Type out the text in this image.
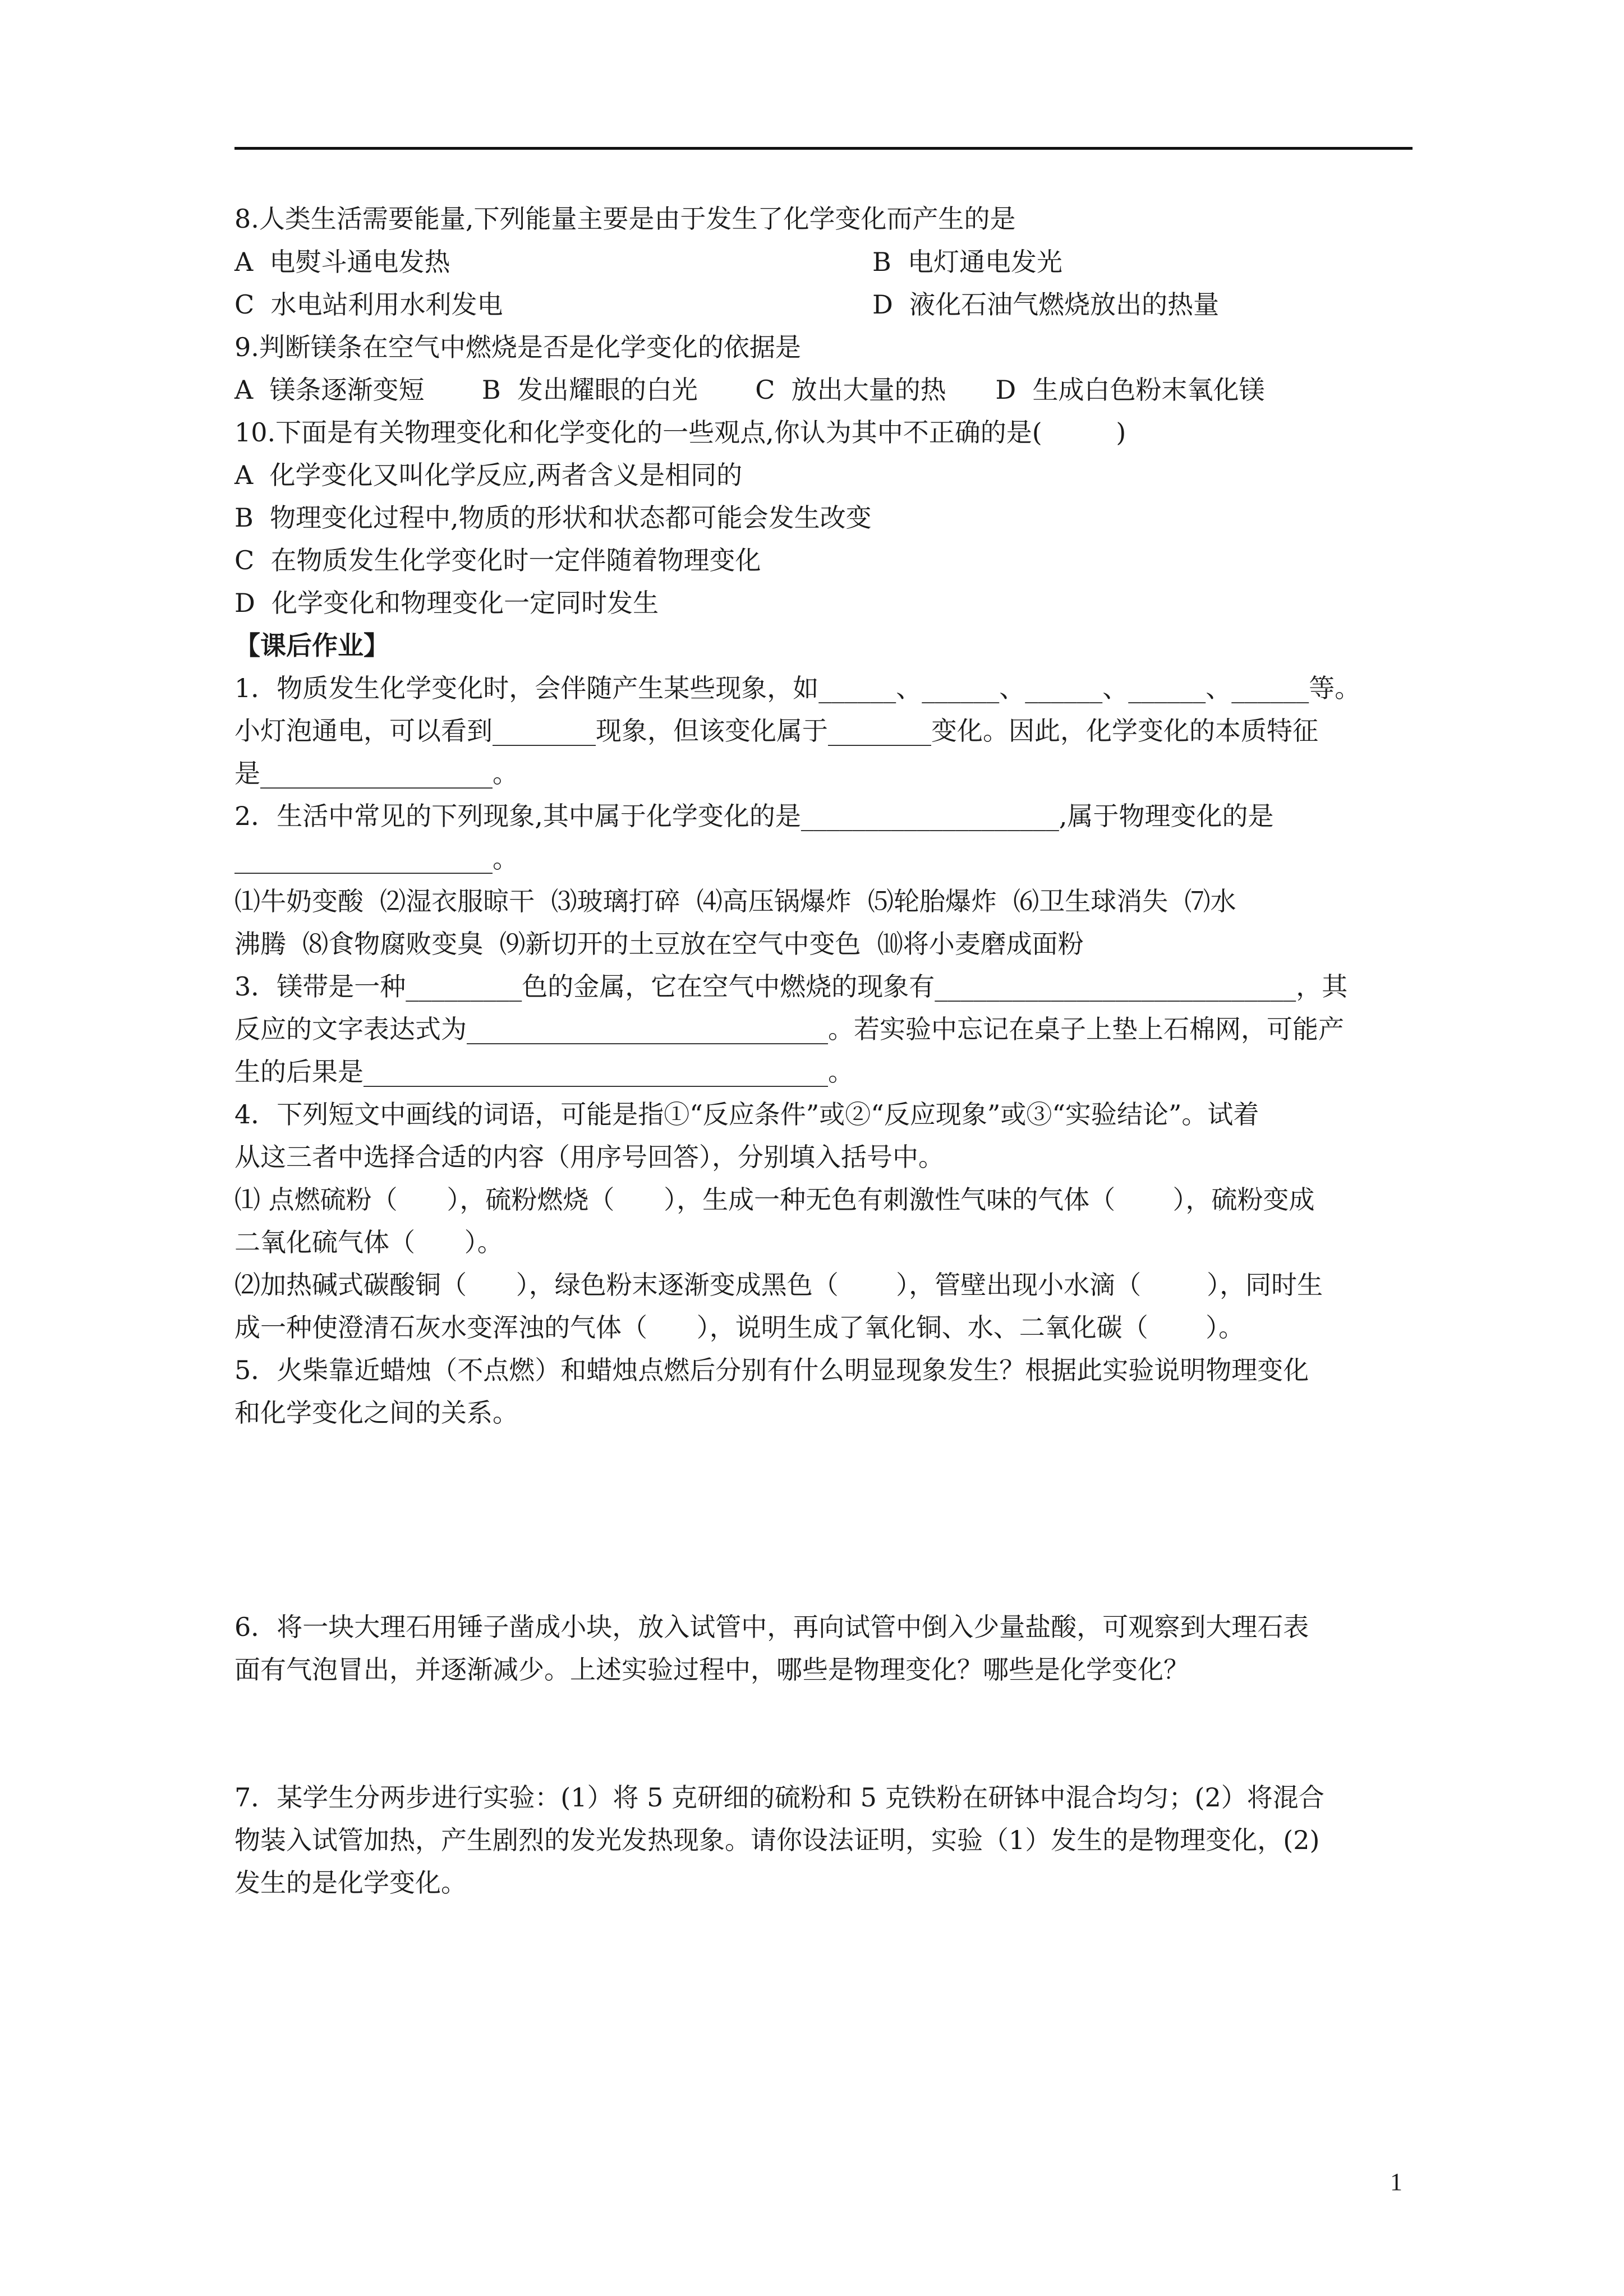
8.人类生活需要能量,下列能量主要是由于发生了化学变化而产生的是
A  电熨斗通电发热	B  电灯通电发光
C  水电站利用水利发电	D  液化石油气燃烧放出的热量
9.判断镁条在空气中燃烧是否是化学变化的依据是
A  镁条逐渐变短       B  发出耀眼的白光       C  放出大量的热      D  生成白色粉末氧化镁
10.下面是有关物理变化和化学变化的一些观点,你认为其中不正确的是(         )
A  化学变化又叫化学反应,两者含义是相同的
B  物理变化过程中,物质的形状和状态都可能会发生改变
C  在物质发生化学变化时一定伴随着物理变化
D  化学变化和物理变化一定同时发生
【课后作业】
1．物质发生化学变化时，会伴随产生某些现象，如______、______、______、______、______等。
小灯泡通电，可以看到________现象，但该变化属于________变化。因此，化学变化的本质特征
是__________________。
2．生活中常见的下列现象,其中属于化学变化的是____________________,属于物理变化的是
____________________。
⑴牛奶变酸  ⑵湿衣服晾干  ⑶玻璃打碎  ⑷高压锅爆炸  ⑸轮胎爆炸  ⑹卫生球消失  ⑺水
沸腾  ⑻食物腐败变臭  ⑼新切开的土豆放在空气中变色  ⑽将小麦磨成面粉
3．镁带是一种_________色的金属，它在空气中燃烧的现象有____________________________，其
反应的文字表达式为____________________________。若实验中忘记在桌子上垫上石棉网，可能产
生的后果是____________________________________。
4．下列短文中画线的词语，可能是指①“反应条件”或②“反应现象”或③“实验结论”。试着
从这三者中选择合适的内容（用序号回答），分别填入括号中。
⑴ 点燃硫粉（      ），硫粉燃烧（      ），生成一种无色有刺激性气味的气体（       ），硫粉变成
二氧化硫气体（      ）。
⑵加热碱式碳酸铜（      ），绿色粉末逐渐变成黑色（       ），管壁出现小水滴（        ），同时生
成一种使澄清石灰水变浑浊的气体（      ），说明生成了氧化铜、水、二氧化碳（       ）。
5．火柴靠近蜡烛（不点燃）和蜡烛点燃后分别有什么明显现象发生？根据此实验说明物理变化
和化学变化之间的关系。
6．将一块大理石用锤子凿成小块，放入试管中，再向试管中倒入少量盐酸，可观察到大理石表
面有气泡冒出，并逐渐减少。上述实验过程中，哪些是物理变化？哪些是化学变化？
7．某学生分两步进行实验：(1）将 5 克研细的硫粉和 5 克铁粉在研钵中混合均匀；(2）将混合
物装入试管加热，产生剧烈的发光发热现象。请你设法证明，实验（1）发生的是物理变化，(2)
发生的是化学变化。
1
